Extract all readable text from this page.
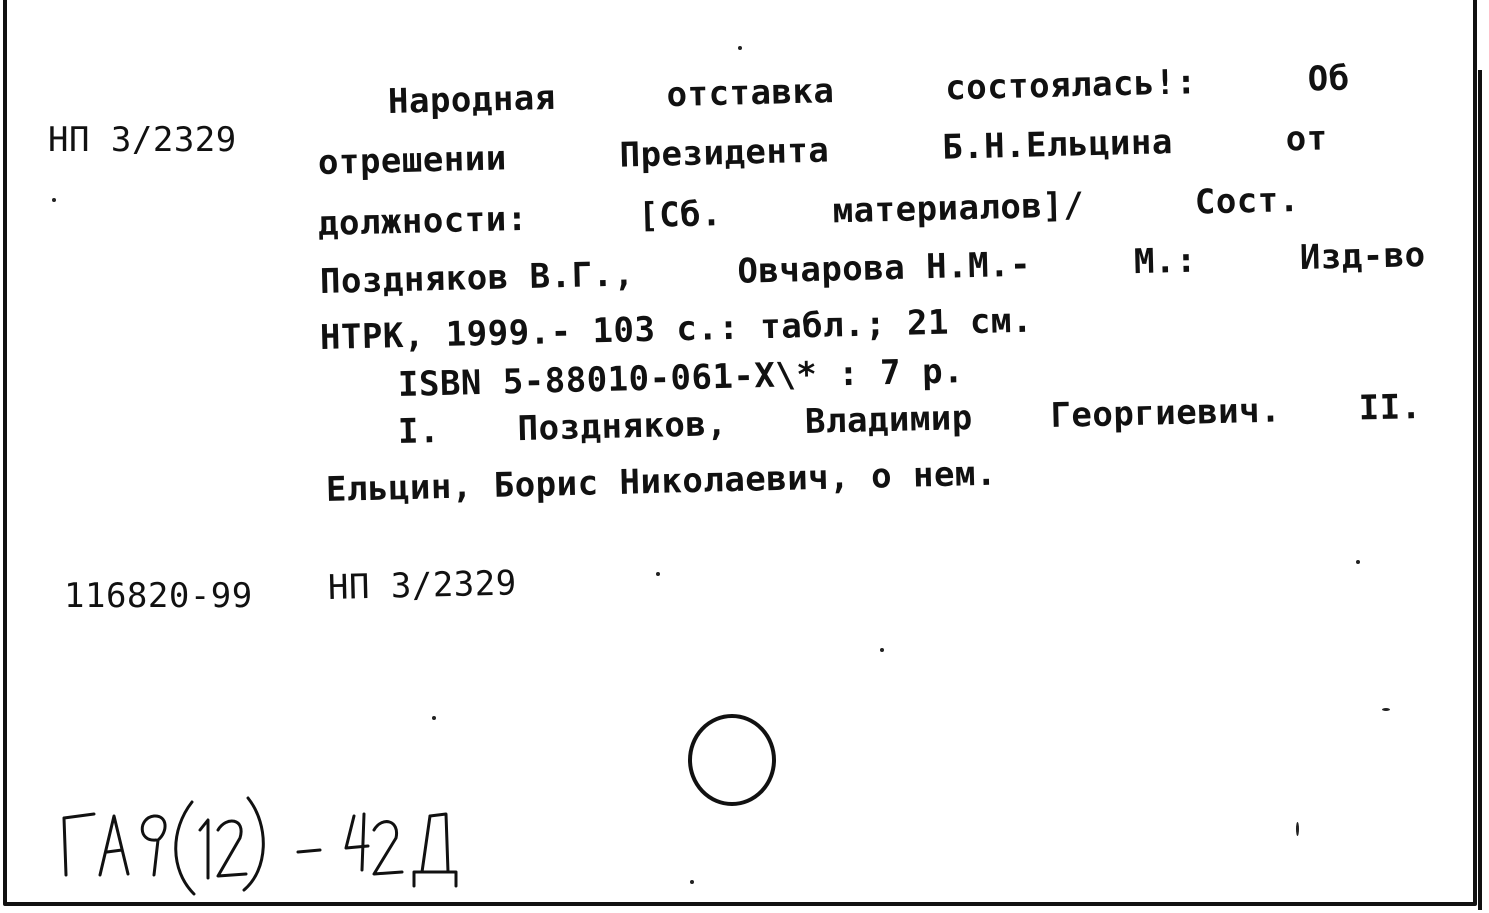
НП 3/2329
Народная	отставка	состоялась!:	Об
отрешении	Президента	Б.Н.Ельцина	от
должности:	[Сб.	материалов]/	Сост.
Поздняков В.Г.,	Овчарова Н.М.-	М.:	Изд-во
НТРК, 1999.- 103 с.: табл.; 21 см.
ISBN 5-88010-061-X\* : 7 р.
I. Поздняков, Владимир Георгиевич. II.
Ельцин, Борис Николаевич, о нем.
116820-99 НП 3/2329
